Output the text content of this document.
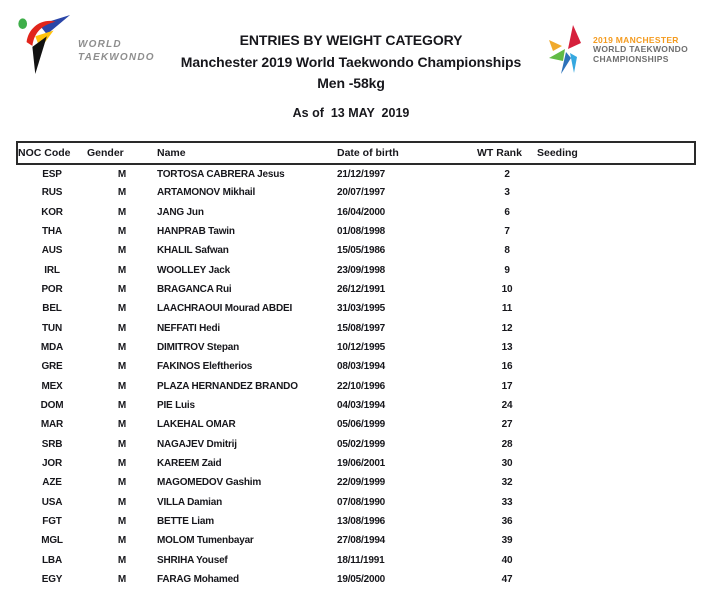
WORLD
TAEKWONDO
ENTRIES BY WEIGHT CATEGORY
Manchester 2019 World Taekwondo Championships
Men -58kg
As of  13 MAY  2019
2019 MANCHESTER
WORLD TAEKWONDO
CHAMPIONSHIPS
NOC Code	Gender	Name	Date of birth	WT Rank	Seeding
ESP	M	TORTOSA CABRERA Jesus	21/12/1997	2	
RUS	M	ARTAMONOV Mikhail	20/07/1997	3	
KOR	M	JANG Jun	16/04/2000	6	
THA	M	HANPRAB Tawin	01/08/1998	7	
AUS	M	KHALIL Safwan	15/05/1986	8	
IRL	M	WOOLLEY Jack	23/09/1998	9	
POR	M	BRAGANCA Rui	26/12/1991	10	
BEL	M	LAACHRAOUI Mourad ABDEI	31/03/1995	11	
TUN	M	NEFFATI Hedi	15/08/1997	12	
MDA	M	DIMITROV Stepan	10/12/1995	13	
GRE	M	FAKINOS Eleftherios	08/03/1994	16	
MEX	M	PLAZA HERNANDEZ BRANDO	22/10/1996	17	
DOM	M	PIE Luis	04/03/1994	24	
MAR	M	LAKEHAL OMAR	05/06/1999	27	
SRB	M	NAGAJEV Dmitrij	05/02/1999	28	
JOR	M	KAREEM Zaid	19/06/2001	30	
AZE	M	MAGOMEDOV Gashim	22/09/1999	32	
USA	M	VILLA Damian	07/08/1990	33	
FGT	M	BETTE Liam	13/08/1996	36	
MGL	M	MOLOM Tumenbayar	27/08/1994	39	
LBA	M	SHRIHA Yousef	18/11/1991	40	
EGY	M	FARAG Mohamed	19/05/2000	47	
